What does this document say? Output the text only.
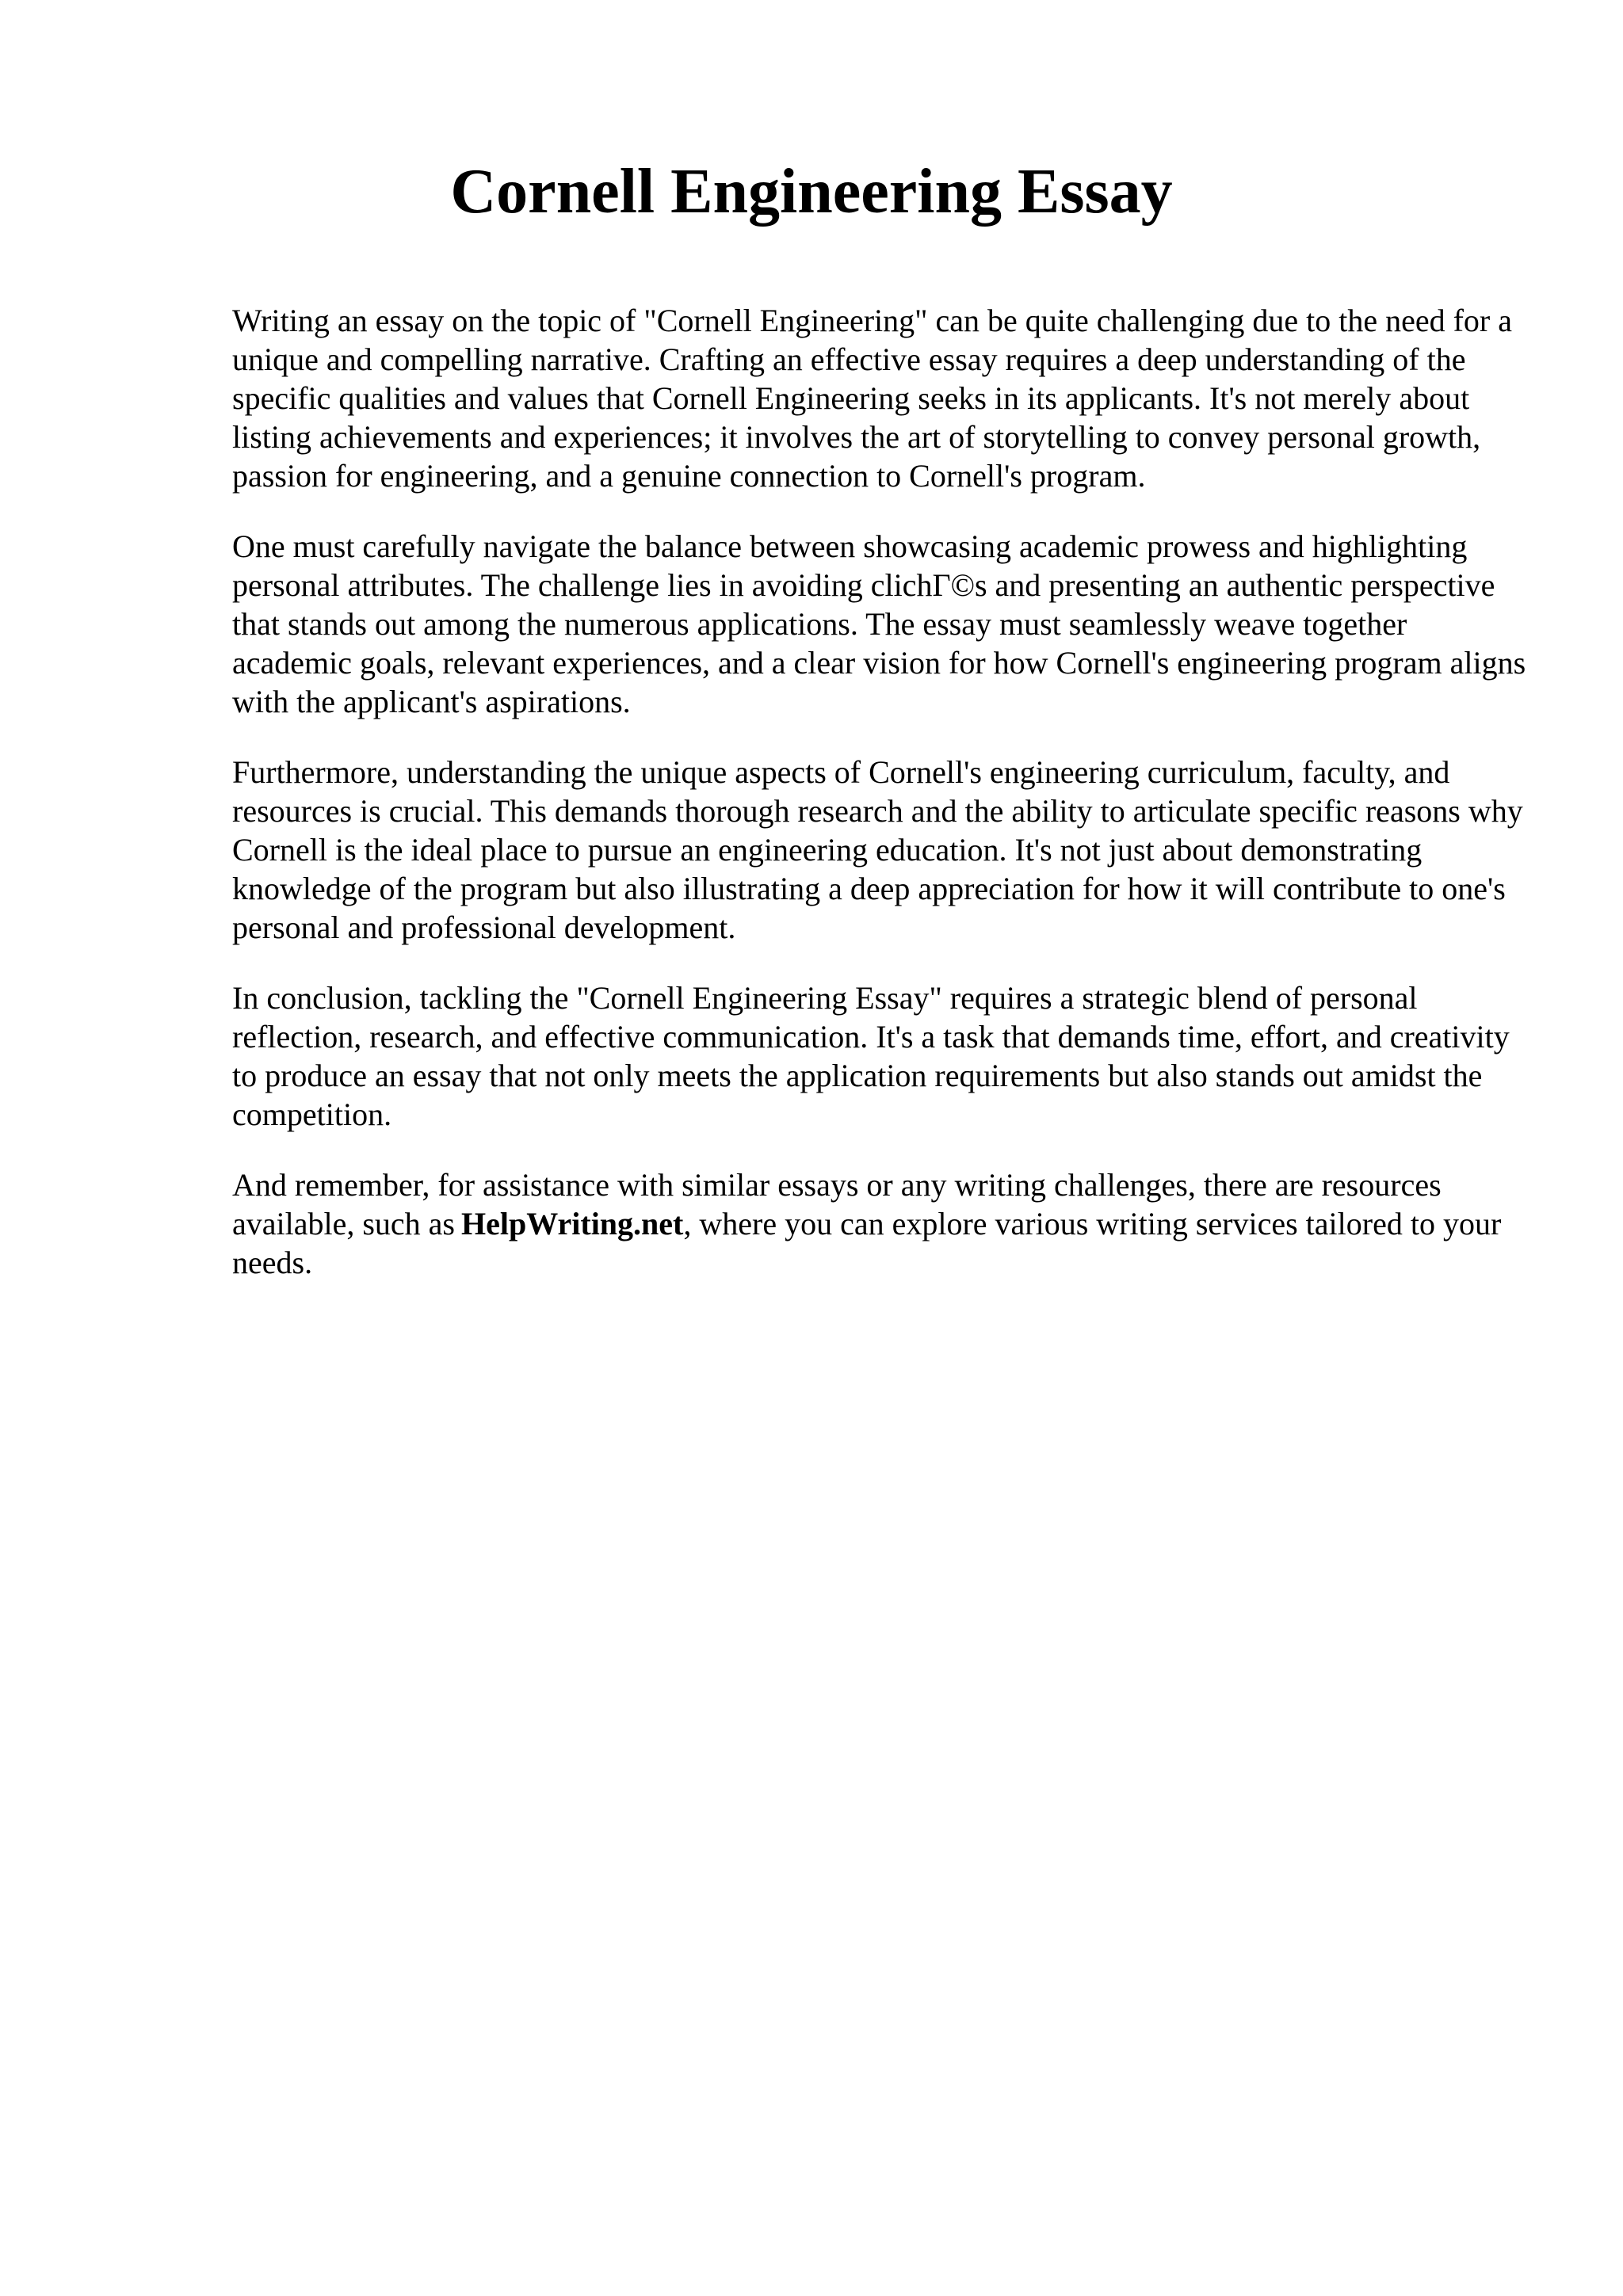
Cornell Engineering Essay

Writing an essay on the topic of "Cornell Engineering" can be quite challenging due to the need for a unique and compelling narrative. Crafting an effective essay requires a deep understanding of the specific qualities and values that Cornell Engineering seeks in its applicants. It's not merely about listing achievements and experiences; it involves the art of storytelling to convey personal growth, passion for engineering, and a genuine connection to Cornell's program.

One must carefully navigate the balance between showcasing academic prowess and highlighting personal attributes. The challenge lies in avoiding clichΓ©s and presenting an authentic perspective that stands out among the numerous applications. The essay must seamlessly weave together academic goals, relevant experiences, and a clear vision for how Cornell's engineering program aligns with the applicant's aspirations.

Furthermore, understanding the unique aspects of Cornell's engineering curriculum, faculty, and resources is crucial. This demands thorough research and the ability to articulate specific reasons why Cornell is the ideal place to pursue an engineering education. It's not just about demonstrating knowledge of the program but also illustrating a deep appreciation for how it will contribute to one's personal and professional development.

In conclusion, tackling the "Cornell Engineering Essay" requires a strategic blend of personal reflection, research, and effective communication. It's a task that demands time, effort, and creativity to produce an essay that not only meets the application requirements but also stands out amidst the competition.

And remember, for assistance with similar essays or any writing challenges, there are resources available, such as HelpWriting.net, where you can explore various writing services tailored to your needs.
